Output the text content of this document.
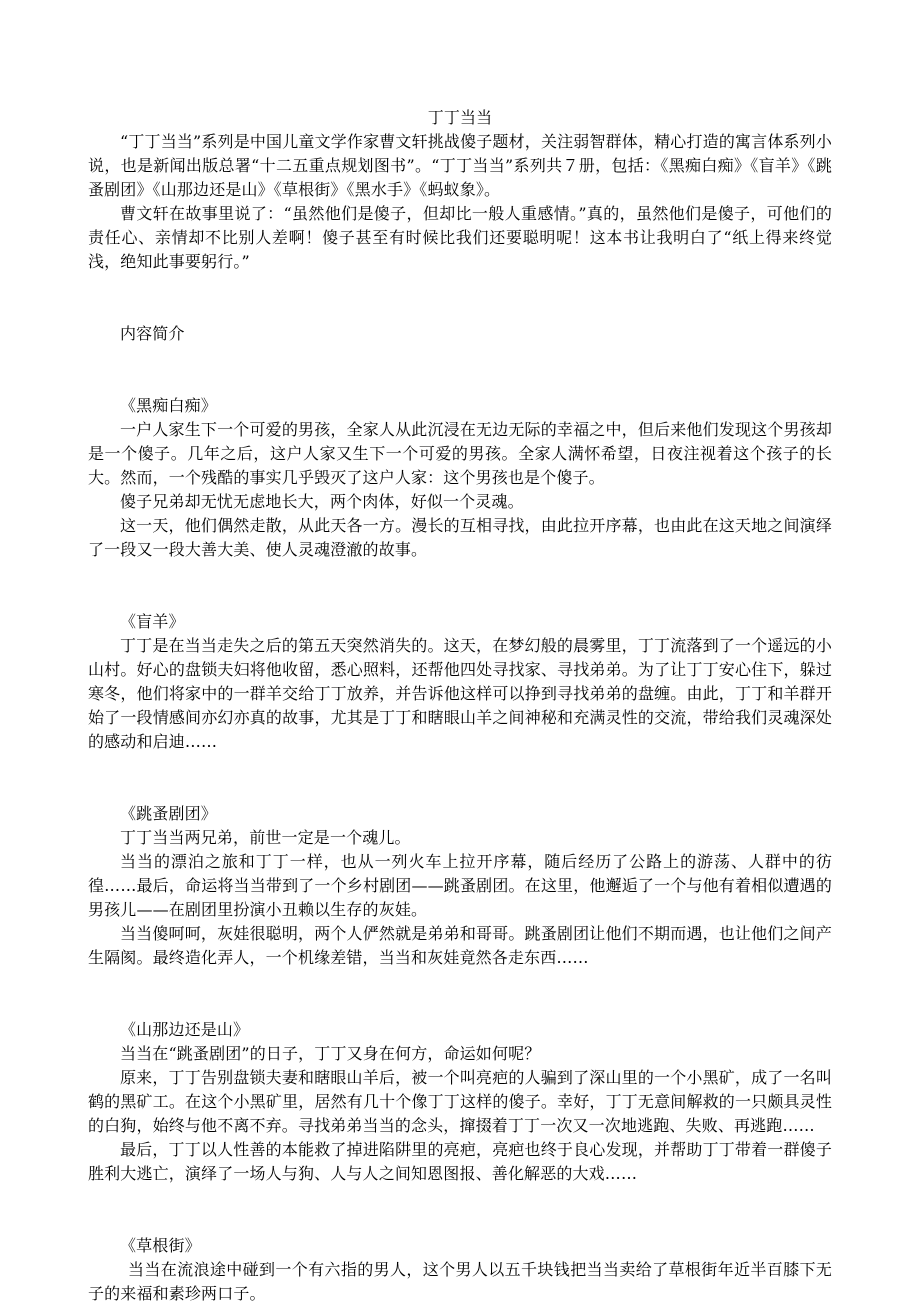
丁丁当当
“丁丁当当”系列是中国儿童文学作家曹文轩挑战傻子题材，关注弱智群体，精心打造的寓言体系列小说，也是新闻出版总署“十二五重点规划图书”。“丁丁当当”系列共７册，包括：《黑痴白痴》《盲羊》《跳蚤剧团》《山那边还是山》《草根街》《黑水手》《蚂蚁象》。
曹文轩在故事里说了：“虽然他们是傻子，但却比一般人重感情。”真的，虽然他们是傻子，可他们的责任心、亲情却不比别人差啊！傻子甚至有时候比我们还要聪明呢！这本书让我明白了“纸上得来终觉浅，绝知此事要躬行。”
内容简介
《黑痴白痴》
一户人家生下一个可爱的男孩，全家人从此沉浸在无边无际的幸福之中，但后来他们发现这个男孩却是一个傻子。几年之后，这户人家又生下一个可爱的男孩。全家人满怀希望，日夜注视着这个孩子的长大。然而，一个残酷的事实几乎毁灭了这户人家：这个男孩也是个傻子。
傻子兄弟却无忧无虑地长大，两个肉体，好似一个灵魂。
这一天，他们偶然走散，从此天各一方。漫长的互相寻找，由此拉开序幕，也由此在这天地之间演绎了一段又一段大善大美、使人灵魂澄澈的故事。
《盲羊》
丁丁是在当当走失之后的第五天突然消失的。这天，在梦幻般的晨雾里，丁丁流落到了一个遥远的小山村。好心的盘锁夫妇将他收留，悉心照料，还帮他四处寻找家、寻找弟弟。为了让丁丁安心住下，躲过寒冬，他们将家中的一群羊交给丁丁放养，并告诉他这样可以挣到寻找弟弟的盘缠。由此，丁丁和羊群开始了一段情感间亦幻亦真的故事，尤其是丁丁和瞎眼山羊之间神秘和充满灵性的交流，带给我们灵魂深处的感动和启迪……
《跳蚤剧团》
丁丁当当两兄弟，前世一定是一个魂儿。
当当的漂泊之旅和丁丁一样，也从一列火车上拉开序幕，随后经历了公路上的游荡、人群中的彷徨……最后，命运将当当带到了一个乡村剧团——跳蚤剧团。在这里，他邂逅了一个与他有着相似遭遇的男孩儿——在剧团里扮演小丑赖以生存的灰娃。
当当傻呵呵，灰娃很聪明，两个人俨然就是弟弟和哥哥。跳蚤剧团让他们不期而遇，也让他们之间产生隔阂。最终造化弄人，一个机缘差错，当当和灰娃竟然各走东西……
《山那边还是山》
当当在“跳蚤剧团”的日子，丁丁又身在何方，命运如何呢？
原来，丁丁告别盘锁夫妻和瞎眼山羊后，被一个叫亮疤的人骗到了深山里的一个小黑矿，成了一名叫鹤的黑矿工。在这个小黑矿里，居然有几十个像丁丁这样的傻子。幸好，丁丁无意间解救的一只颇具灵性的白狗，始终与他不离不弃。寻找弟弟当当的念头，撺掇着丁丁一次又一次地逃跑、失败、再逃跑……
最后，丁丁以人性善的本能救了掉进陷阱里的亮疤，亮疤也终于良心发现，并帮助丁丁带着一群傻子胜利大逃亡，演绎了一场人与狗、人与人之间知恩图报、善化解恶的大戏……
《草根街》
当当在流浪途中碰到一个有六指的男人，这个男人以五千块钱把当当卖给了草根街年近半百膝下无子的来福和素珍两口子。
